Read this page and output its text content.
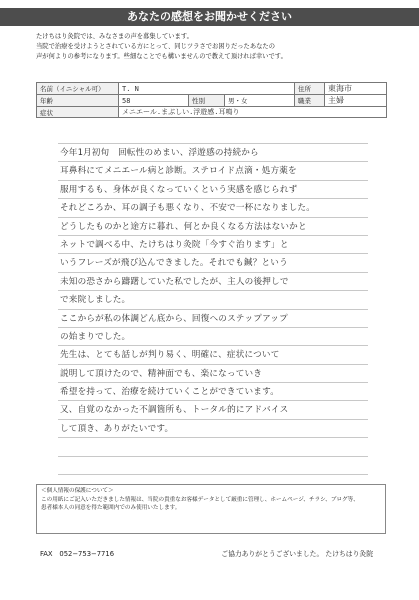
あなたの感想をお聞かせください
たけちはり灸院では、みなさまの声を募集しています。
当院で治療を受けようとされている方にとって、同じツラさでお困りだったあなたの
声が何よりの参考になります。些細なことでも構いませんので教えて頂ければ幸いです。
名前（イニシャル可）	T. N			住所	東海市
年齢	58	性別	男・女	職業	主婦
症状	メニエール.まぶしい.浮遊感.耳鳴り				
今年1月初旬　回転性のめまい、浮遊感の持続から
耳鼻科にてメニエール病と診断。ステロイド点滴・処方薬を
服用するも、身体が良くなっていくという実感を感じられず
それどころか、耳の調子も悪くなり、不安で一杯になりました。
どうしたものかと途方に暮れ、何とか良くなる方法はないかと
ネットで調べる中、たけちはり灸院「今すぐ治ります」と
いうフレーズが飛び込んできました。それでも鍼？という
未知の恐さから躊躇していた私でしたが、主人の後押しで
で来院しました。
ここからが私の体調どん底から、回復へのステップアップ
の始まりでした。
先生は、とても話しが判り易く、明確に、症状について
説明して頂けたので、精神面でも、楽になっていき
希望を持って、治療を続けていくことができています。
又、自覚のなかった不調箇所も、トータル的にアドバイス
して頂き、ありがたいです。
＜個人情報の保護について＞
この用紙にご記入いただきました情報は、当院の貴重なお客様データとして厳重に管理し、ホームページ、チラシ、ブログ等、
患者様本人の同意を得た範囲内でのみ使用いたします。
FAX　052−753−7716	ご協力ありがとうございました。 たけちはり灸院
